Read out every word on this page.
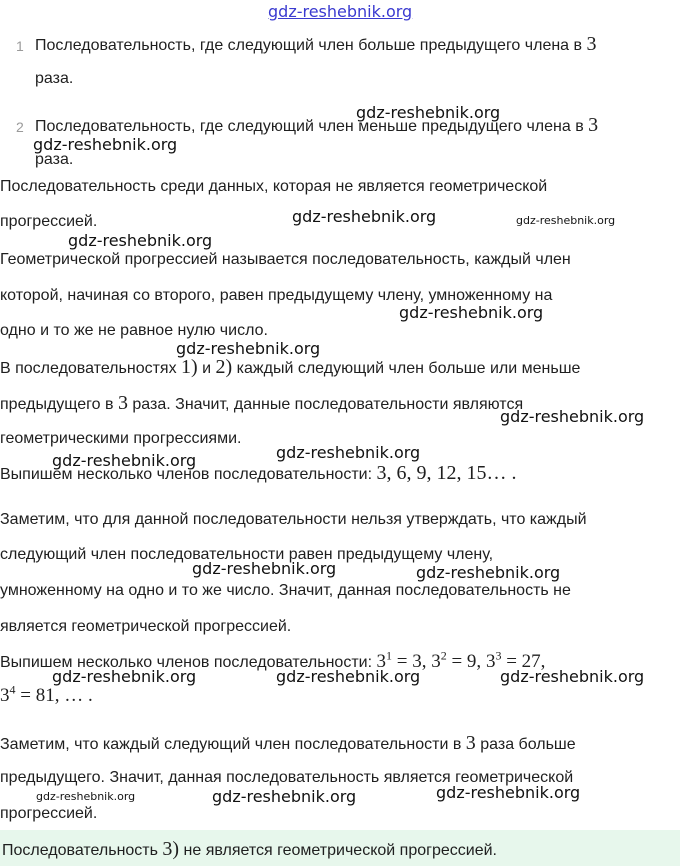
gdz-reshebnik.org
1 Последовательность, где следующий член больше предыдущего члена в 3
раза.
2 Последовательность, где следующий член меньше предыдущего члена в 3
раза.
Последовательность среди данных, которая не является геометрической
прогрессией.
Геометрической прогрессией называется последовательность, каждый член
которой, начиная со второго, равен предыдущему члену, умноженному на
одно и то же не равное нулю число.
В последовательностях 1) и 2) каждый следующий член больше или меньше
предыдущего в 3 раза. Значит, данные последовательности являются
геометрическими прогрессиями.
Выпишем несколько членов последовательности: 3, 6, 9, 12, 15… .
Заметим, что для данной последовательности нельзя утверждать, что каждый
следующий член последовательности равен предыдущему члену,
умноженному на одно и то же число. Значит, данная последовательность не
является геометрической прогрессией.
Выпишем несколько членов последовательности: $3^1 = 3$, $3^2 = 9$, $3^3 = 27$,
$3^4 = 81$, … .
Заметим, что каждый следующий член последовательности в 3 раза больше
предыдущего. Значит, данная последовательность является геометрической
прогрессией.
Последовательность 3) не является геометрической прогрессией.
gdz-reshebnik.org
gdz-reshebnik.org
gdz-reshebnik.org	gdz-reshebnik.org
gdz-reshebnik.org
gdz-reshebnik.org
gdz-reshebnik.org
gdz-reshebnik.org
gdz-reshebnik.org
gdz-reshebnik.org
gdz-reshebnik.org	gdz-reshebnik.org
gdz-reshebnik.org	gdz-reshebnik.org	gdz-reshebnik.org
gdz-reshebnik.org	gdz-reshebnik.org	gdz-reshebnik.org
